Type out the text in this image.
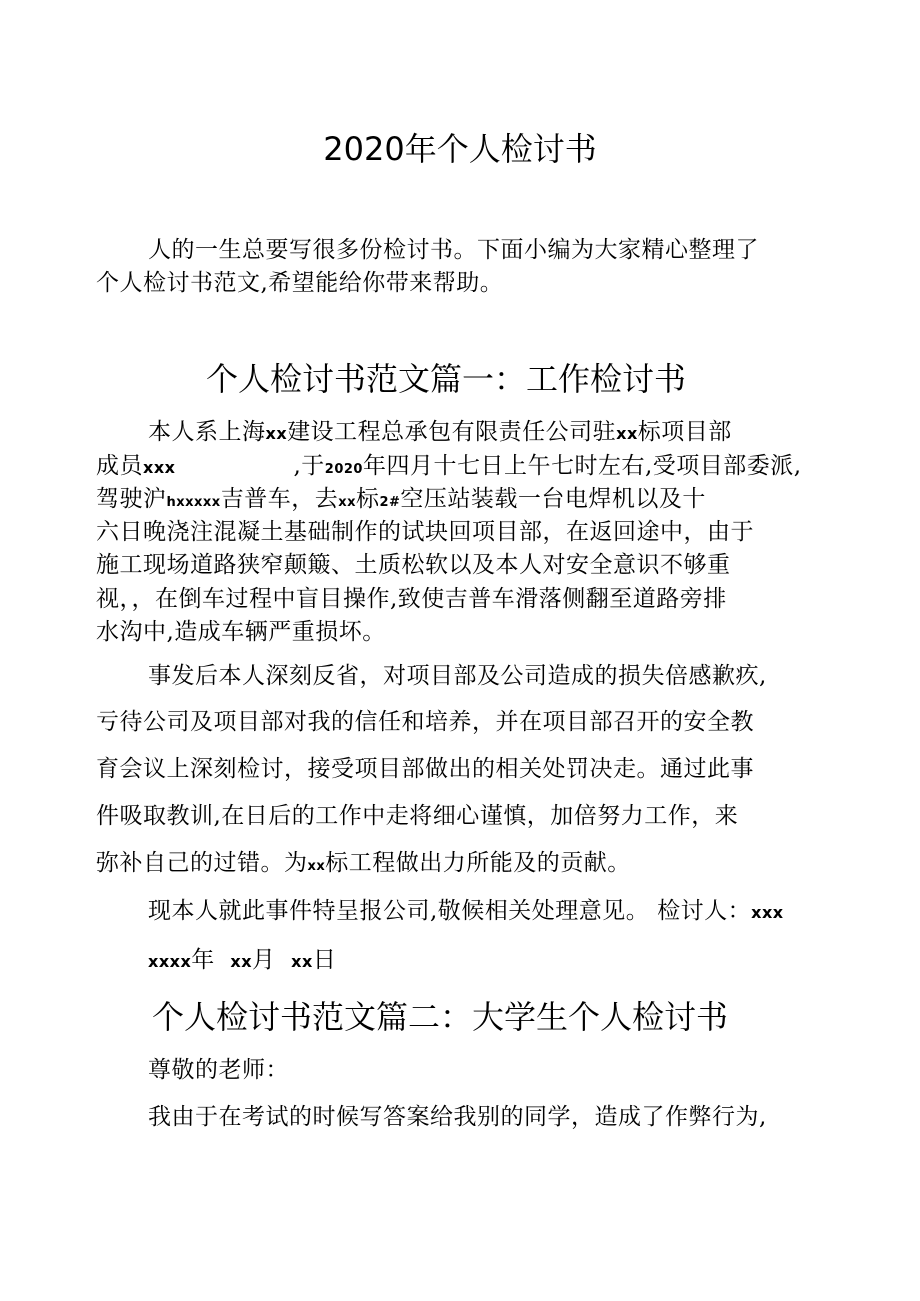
2020年个人检讨书
人的一生总要写很多份检讨书。下面小编为大家精心整理了
个人检讨书范文,希望能给你带来帮助。
个人检讨书范文篇一：工作检讨书
本人系上海xx建设工程总承包有限责任公司驻xx标项目部
成员xxx	,于2020年四月十七日上午七时左右,受项目部委派,
驾驶沪hxxxxx吉普车，去xx标2#空压站装载一台电焊机以及十
六日晚浇注混凝土基础制作的试块回项目部，在返回途中，由于
施工现场道路狭窄颠簸、土质松软以及本人对安全意识不够重
视，，在倒车过程中盲目操作,致使吉普车滑落侧翻至道路旁排
水沟中,造成车辆严重损坏。
事发后本人深刻反省，对项目部及公司造成的损失倍感歉疚,
亏待公司及项目部对我的信任和培养，并在项目部召开的安全教
育会议上深刻检讨，接受项目部做出的相关处罚决走。通过此事
件吸取教训,在日后的工作中走将细心谨慎，加倍努力工作，来
弥补自己的过错。为xx标工程做出力所能及的贡献。
现本人就此事件特呈报公司,敬候相关处理意见。 检讨人：xxx
xxxx年  xx月  xx日
个人检讨书范文篇二：大学生个人检讨书
尊敬的老师：
我由于在考试的时候写答案给我别的同学，造成了作弊行为,
